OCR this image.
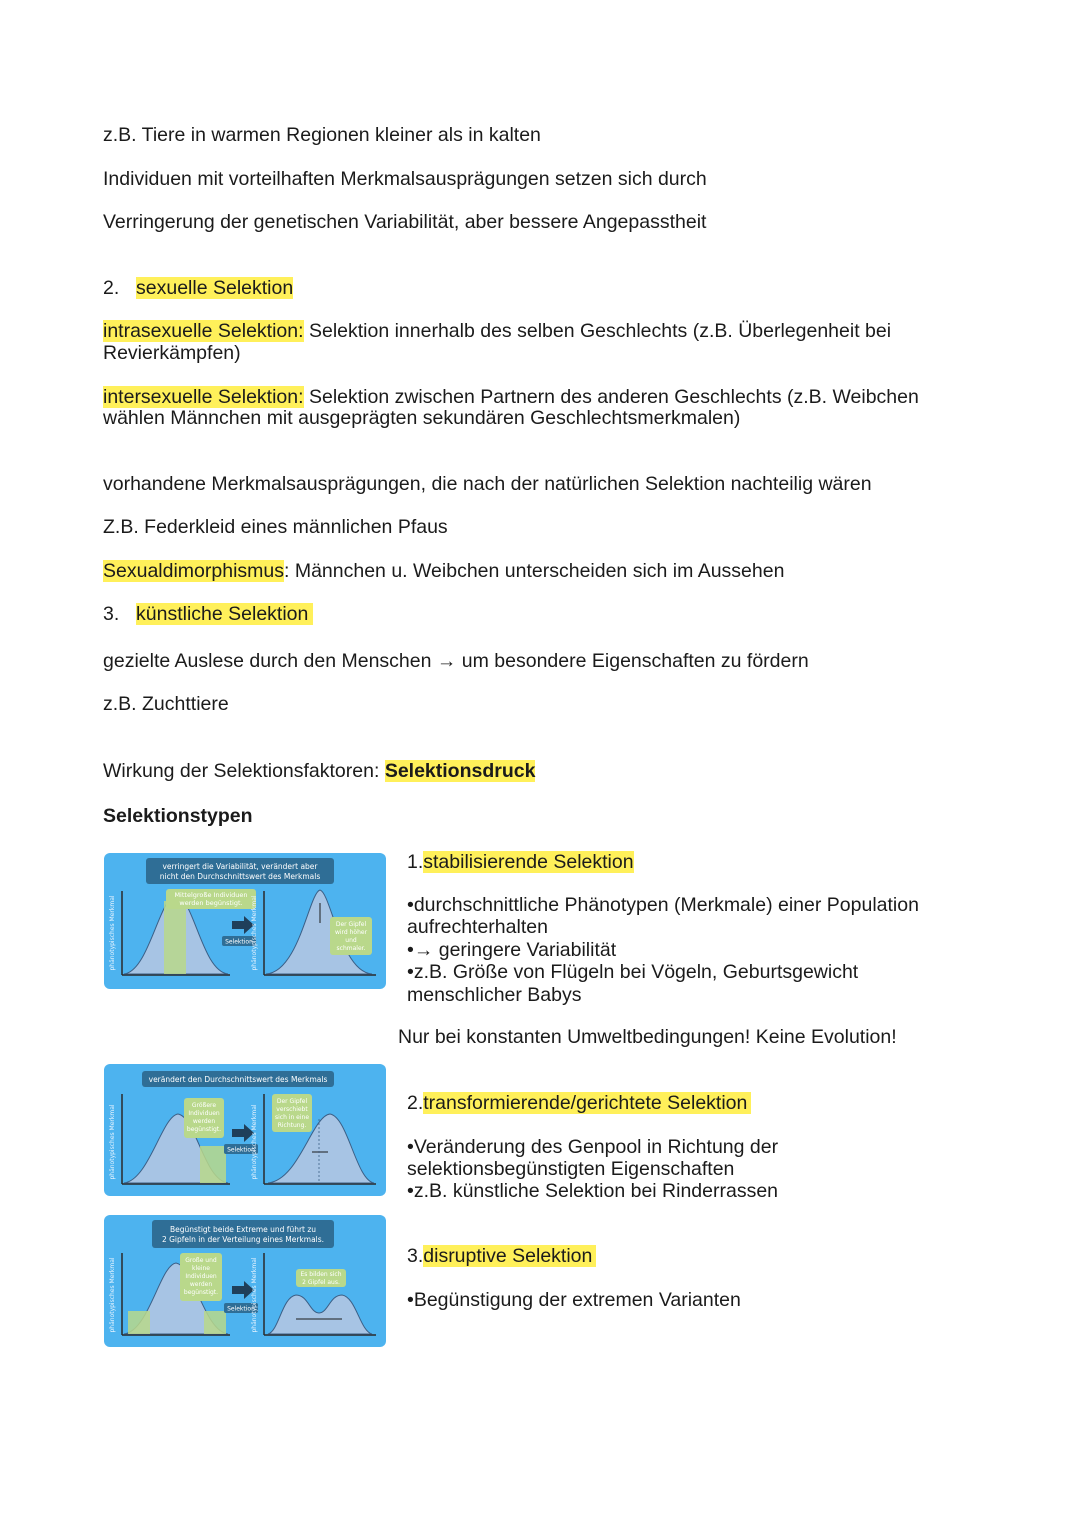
z.B. Tiere in warmen Regionen kleiner als in kalten
Individuen mit vorteilhaften Merkmalsausprägungen setzen sich durch
Verringerung der genetischen Variabilität, aber bessere Angepasstheit
2. sexuelle Selektion
intrasexuelle Selektion: Selektion innerhalb des selben Geschlechts (z.B. Überlegenheit bei
Revierkämpfen)
intersexuelle Selektion: Selektion zwischen Partnern des anderen Geschlechts (z.B. Weibchen
wählen Männchen mit ausgeprägten sekundären Geschlechtsmerkmalen)
vorhandene Merkmalsausprägungen, die nach der natürlichen Selektion nachteilig wären
Z.B. Federkleid eines männlichen Pfaus
Sexualdimorphismus: Männchen u. Weibchen unterscheiden sich im Aussehen
3. künstliche Selektion
gezielte Auslese durch den Menschen → um besondere Eigenschaften zu fördern
z.B. Zuchttiere
Wirkung der Selektionsfaktoren: Selektionsdruck
Selektionstypen
verringert die Variabilität, verändert aber
nicht den Durchschnittswert des Merkmals
phänotypisches Merkmal
Mittelgroße Individuen
werden begünstigt.
Selektion
phänotypisches Merkmal	Der Gipfel
wird höher
und
schmaler.
1.stabilisierende Selektion
•durchschnittliche Phänotypen (Merkmale) einer Population
aufrechterhalten
•→ geringere Variabilität
•z.B. Größe von Flügeln bei Vögeln, Geburtsgewicht
menschlicher Babys
Nur bei konstanten Umweltbedingungen! Keine Evolution!
verändert den Durchschnittswert des Merkmals
phänotypisches Merkmal	Größere
Individuen
werden
begünstigt.
Selektion
phänotypisches Merkmal
Der Gipfel
verschiebt
sich in eine
Richtung.
2.transformierende/gerichtete Selektion
•Veränderung des Genpool in Richtung der
selektionsbegünstigten Eigenschaften
•z.B. künstliche Selektion bei Rinderrassen
Begünstigt beide Extreme und führt zu
2 Gipfeln in der Verteilung eines Merkmals.
phänotypisches Merkmal	Große und
kleine
Individuen
werden
begünstigt.
Selektion
phänotypisches Merkmal	Es bilden sich
2 Gipfel aus.
3.disruptive Selektion
•Begünstigung der extremen Varianten
